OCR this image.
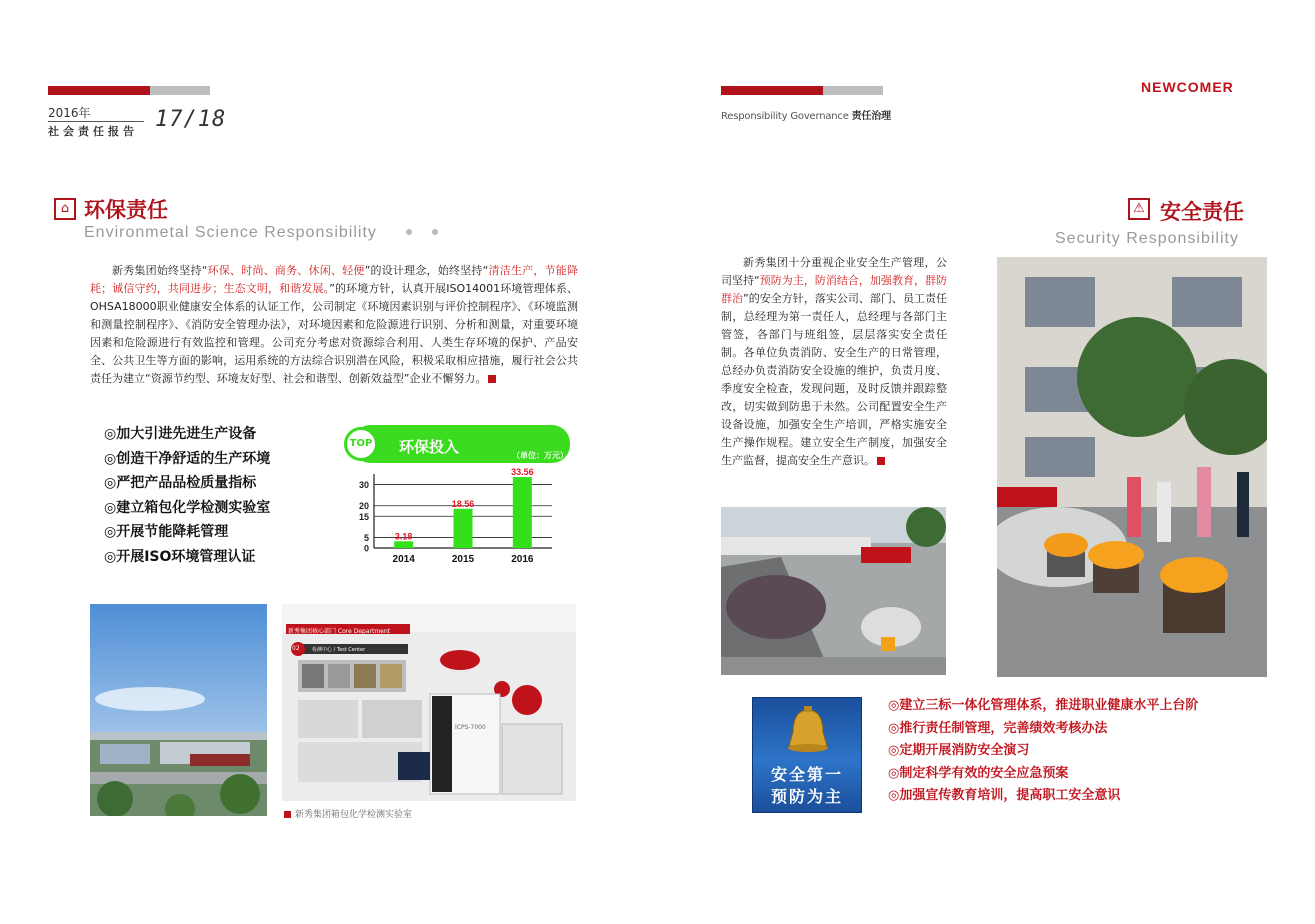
2016年
社会责任报告 17/18	Responsibility Governance 责任治理
NEWCOMER
⌂ 环保责任
Environmetal Science Responsibility
新秀集团始终坚持“环保、时尚、商务、休闲、轻便”的设计理念，始终坚持“清洁生产，节能降耗；诚信守约，共同进步；生态文明，和谐发展。”的环境方针，认真开展ISO14001环境管理体系、OHSA18000职业健康安全体系的认证工作，公司制定《环境因素识别与评价控制程序》、《环境监测和测量控制程序》、《消防安全管理办法》，对环境因素和危险源进行识别、分析和测量，对重要环境因素和危险源进行有效监控和管理。公司充分考虑对资源综合利用、人类生存环境的保护、产品安全、公共卫生等方面的影响，运用系统的方法综合识别潜在风险，积极采取相应措施，履行社会公共责任为建立“资源节约型、环境友好型、社会和谐型、创新效益型”企业不懈努力。
◎加大引进先进生产设备
◎创造干净舒适的生产环境
◎严把产品品检质量指标
◎建立箱包化学检测实验室
◎开展节能降耗管理
◎开展ISO环境管理认证
TOP	环保投入	（单位：万元）
0
5
15
20
30
3.18
2014
18.56
2015
33.56
2016
新秀集团核心部门 Core Department
02 检测中心 / Test Center
ICPS-7000
新秀集团箱包化学检测实验室
⚠ 安全责任
Security Responsibility
新秀集团十分重视企业安全生产管理，公司坚持“预防为主，防消结合，加强教育，群防群治”的安全方针，落实公司、部门、员工责任制，总经理为第一责任人，总经理与各部门主管签，各部门与班组签，层层落实安全责任制。各单位负责消防、安全生产的日常管理，总经办负责消防安全设施的维护，负责月度、季度安全检查，发现问题，及时反馈并跟踪整改，切实做到防患于未然。公司配置安全生产设备设施，加强安全生产培训，严格实施安全生产操作规程。建立安全生产制度，加强安全生产监督，提高安全生产意识。
安全第一
预防为主
◎建立三标一体化管理体系，推进职业健康水平上台阶
◎推行责任制管理，完善绩效考核办法
◎定期开展消防安全演习
◎制定科学有效的安全应急预案
◎加强宣传教育培训，提高职工安全意识
